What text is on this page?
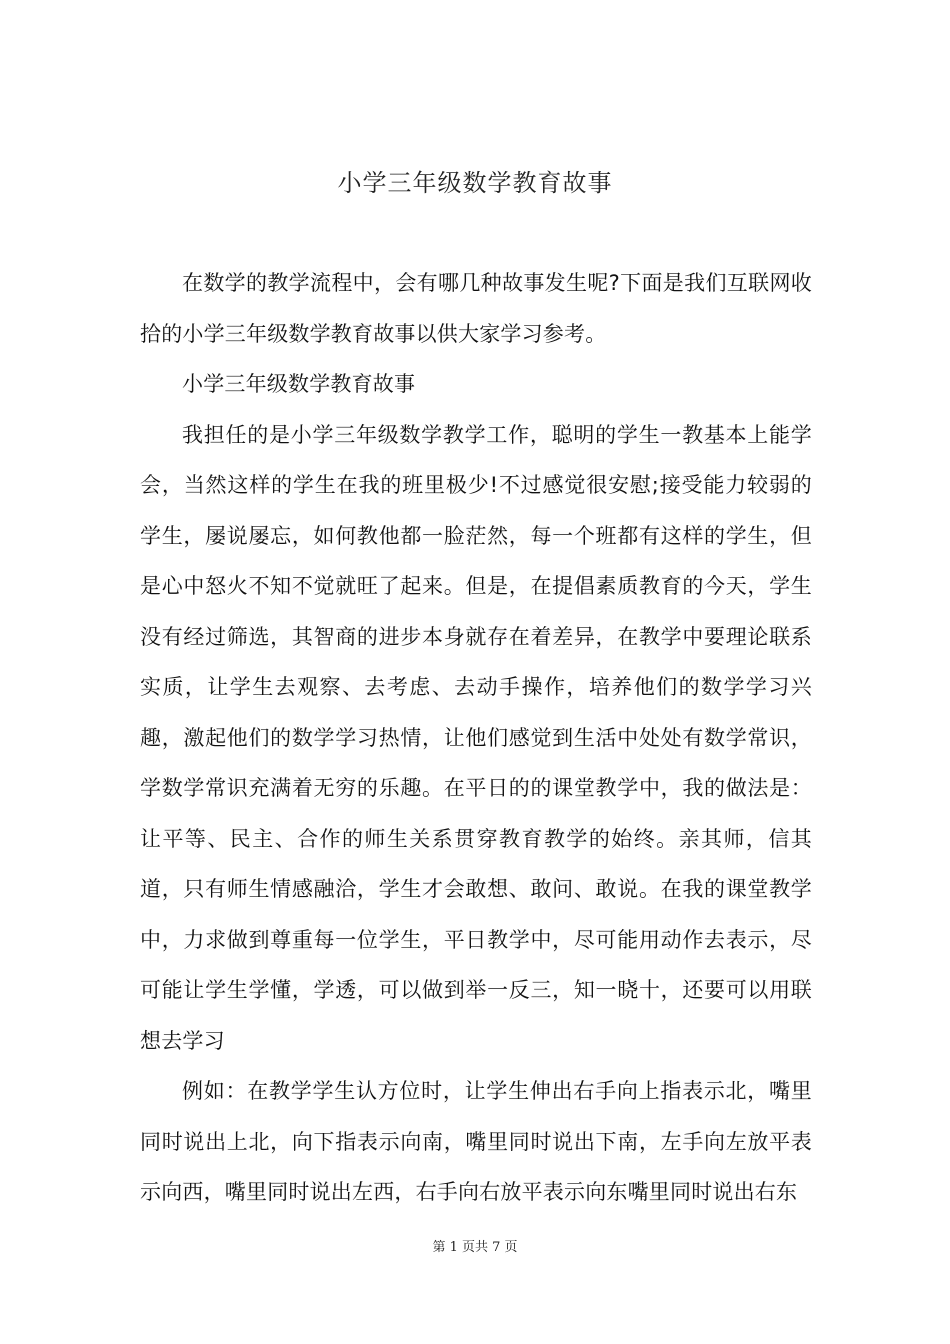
小学三年级数学教育故事

在数学的教学流程中，会有哪几种故事发生呢?下面是我们互联网收拾的小学三年级数学教育故事以供大家学习参考。

小学三年级数学教育故事

我担任的是小学三年级数学教学工作，聪明的学生一教基本上能学会，当然这样的学生在我的班里极少!不过感觉很安慰;接受能力较弱的学生，屡说屡忘，如何教他都一脸茫然，每一个班都有这样的学生，但是心中怒火不知不觉就旺了起来。但是，在提倡素质教育的今天，学生没有经过筛选，其智商的进步本身就存在着差异，在教学中要理论联系实质，让学生去观察、去考虑、去动手操作，培养他们的数学学习兴趣，激起他们的数学学习热情，让他们感觉到生活中处处有数学常识，学数学常识充满着无穷的乐趣。在平日的的课堂教学中，我的做法是：让平等、民主、合作的师生关系贯穿教育教学的始终。亲其师，信其道，只有师生情感融洽，学生才会敢想、敢问、敢说。在我的课堂教学中，力求做到尊重每一位学生，平日教学中，尽可能用动作去表示，尽可能让学生学懂，学透，可以做到举一反三，知一晓十，还要可以用联想去学习

例如：在教学学生认方位时，让学生伸出右手向上指表示北，嘴里同时说出上北，向下指表示向南，嘴里同时说出下南，左手向左放平表示向西，嘴里同时说出左西，右手向右放平表示向东嘴里同时说出右东

第 1 页共 7 页
